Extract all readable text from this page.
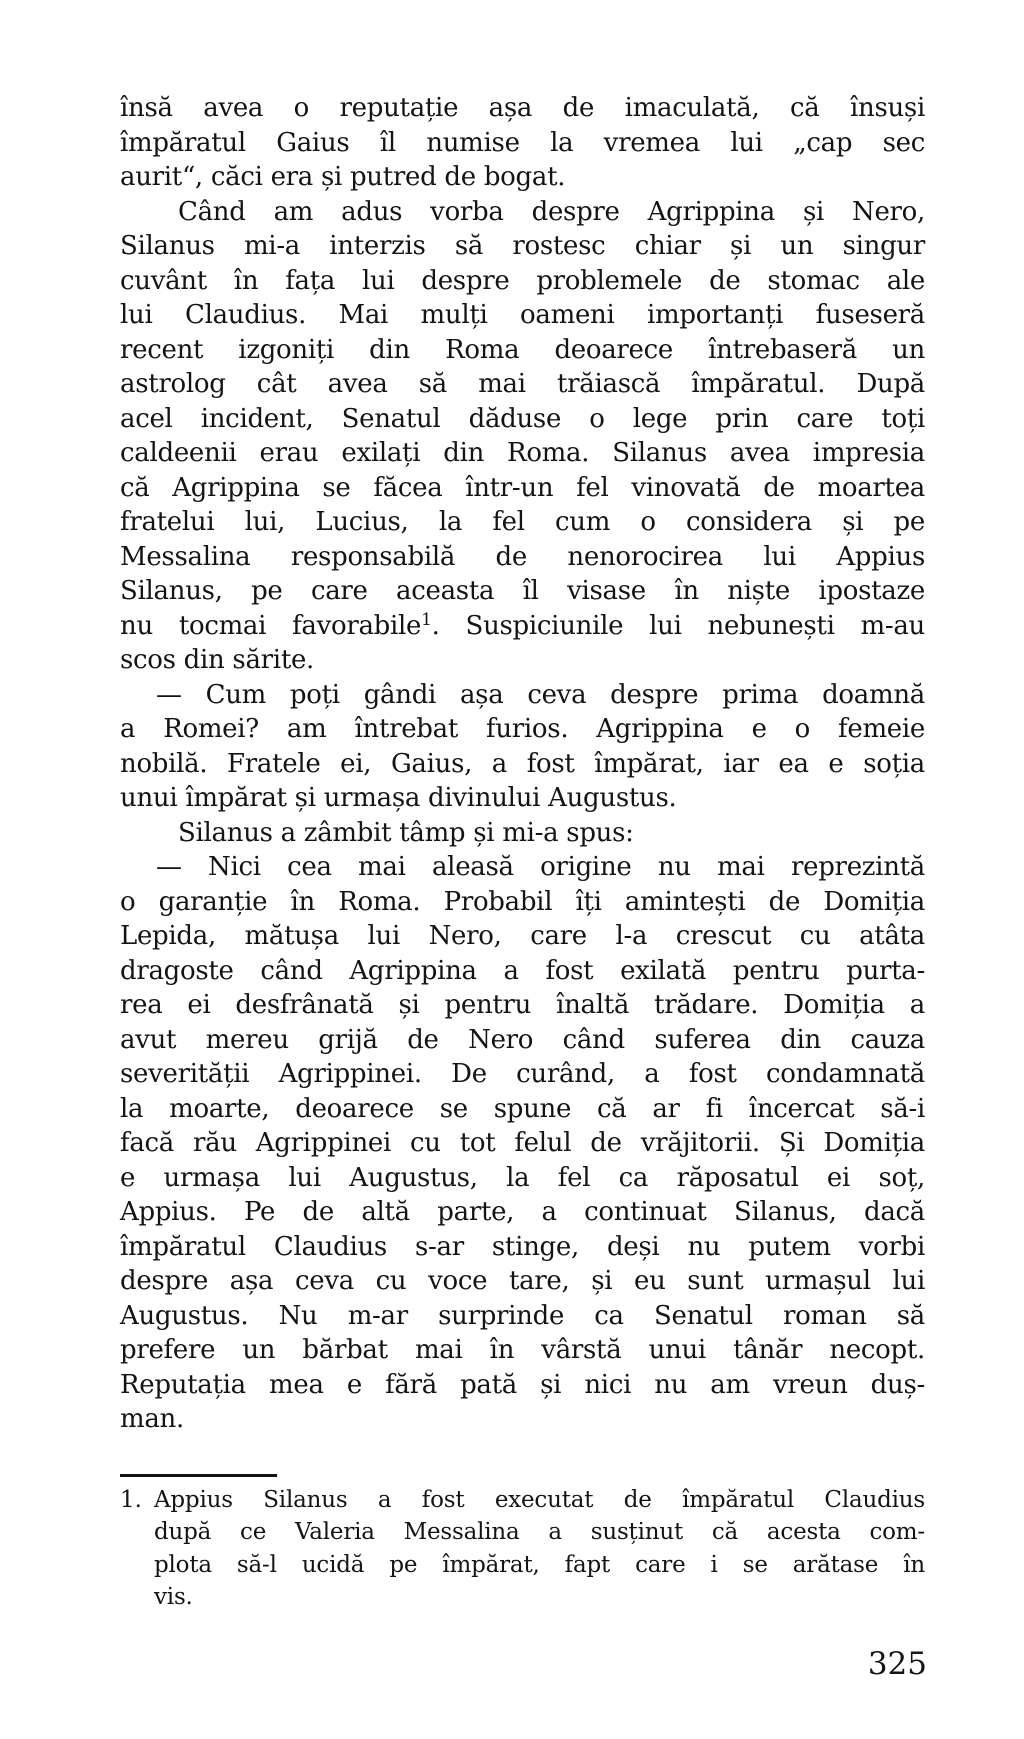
însă avea o reputație așa de imaculată, că însuși
împăratul Gaius îl numise la vremea lui „cap sec
aurit“, căci era și putred de bogat.
Când am adus vorba despre Agrippina și Nero,
Silanus mi-a interzis să rostesc chiar și un singur
cuvânt în fața lui despre problemele de stomac ale
lui Claudius. Mai mulți oameni importanți fuseseră
recent izgoniți din Roma deoarece întrebaseră un
astrolog cât avea să mai trăiască împăratul. După
acel incident, Senatul dăduse o lege prin care toți
caldeenii erau exilați din Roma. Silanus avea impresia
că Agrippina se făcea într-un fel vinovată de moartea
fratelui lui, Lucius, la fel cum o considera și pe
Messalina responsabilă de nenorocirea lui Appius
Silanus, pe care aceasta îl visase în niște ipostaze
nu tocmai favorabile$^1$. Suspiciunile lui nebunești m-au
scos din sărite.
— Cum poți gândi așa ceva despre prima doamnă
a Romei? am întrebat furios. Agrippina e o femeie
nobilă. Fratele ei, Gaius, a fost împărat, iar ea e soția
unui împărat și urmașa divinului Augustus.
Silanus a zâmbit tâmp și mi-a spus:
— Nici cea mai aleasă origine nu mai reprezintă
o garanție în Roma. Probabil îți amintești de Domiția
Lepida, mătușa lui Nero, care l-a crescut cu atâta
dragoste când Agrippina a fost exilată pentru purta-
rea ei desfrânată și pentru înaltă trădare. Domiția a
avut mereu grijă de Nero când suferea din cauza
severității Agrippinei. De curând, a fost condamnată
la moarte, deoarece se spune că ar fi încercat să-i
facă rău Agrippinei cu tot felul de vrăjitorii. Și Domiția
e urmașa lui Augustus, la fel ca răposatul ei soț,
Appius. Pe de altă parte, a continuat Silanus, dacă
împăratul Claudius s-ar stinge, deși nu putem vorbi
despre așa ceva cu voce tare, și eu sunt urmașul lui
Augustus. Nu m-ar surprinde ca Senatul roman să
prefere un bărbat mai în vârstă unui tânăr necopt.
Reputația mea e fără pată și nici nu am vreun duș-
man.
1. Appius Silanus a fost executat de împăratul Claudius
după ce Valeria Messalina a susținut că acesta com-
plota să-l ucidă pe împărat, fapt care i se arătase în
vis.
325
